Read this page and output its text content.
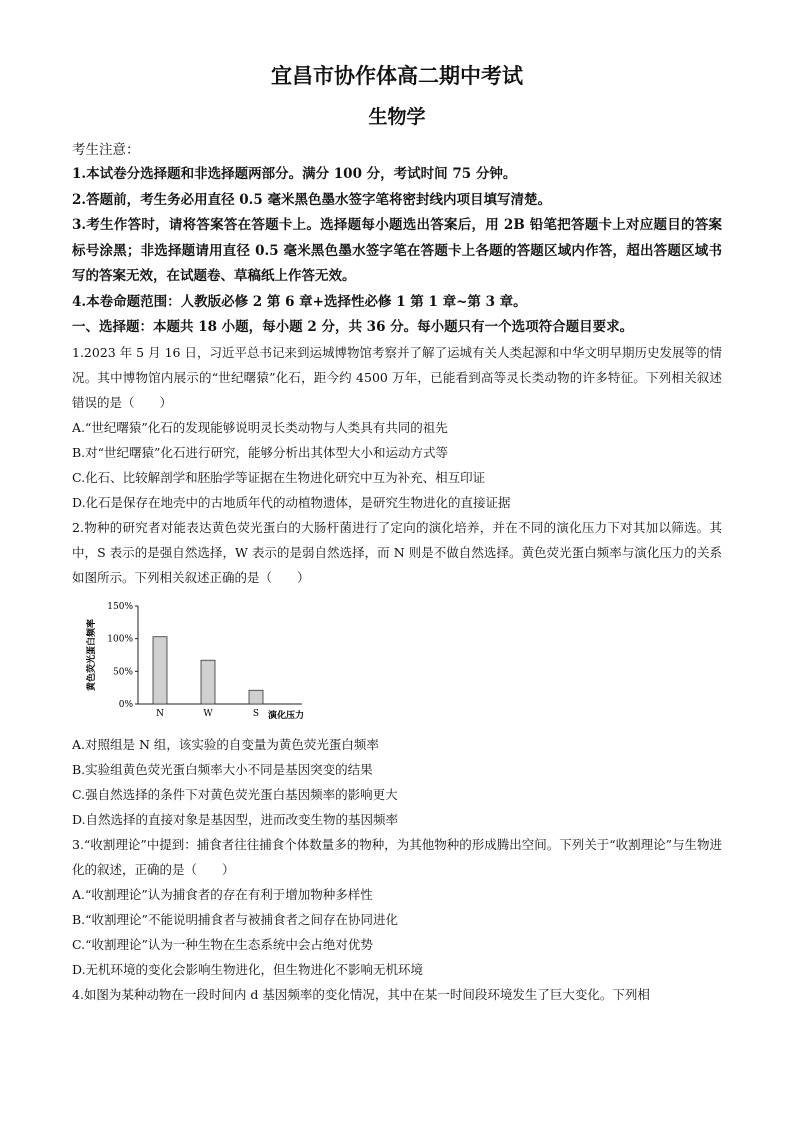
宜昌市协作体高二期中考试
生物学

考生注意：

1.本试卷分选择题和非选择题两部分。满分 100 分，考试时间 75 分钟。

2.答题前，考生务必用直径 0.5 毫米黑色墨水签字笔将密封线内项目填写清楚。

3.考生作答时，请将答案答在答题卡上。选择题每小题选出答案后，用 2B 铅笔把答题卡上对应题目的答案标号涂黑；非选择题请用直径 0.5 毫米黑色墨水签字笔在答题卡上各题的答题区域内作答，超出答题区域书写的答案无效，在试题卷、草稿纸上作答无效。

4.本卷命题范围：人教版必修 2 第 6 章+选择性必修 1 第 1 章~第 3 章。

一、选择题：本题共 18 小题，每小题 2 分，共 36 分。每小题只有一个选项符合题目要求。

1.2023 年 5 月 16 日，习近平总书记来到运城博物馆考察并了解了运城有关人类起源和中华文明早期历史发展等的情况。其中博物馆内展示的“世纪曙猿”化石，距今约 4500 万年，已能看到高等灵长类动物的许多特征。下列相关叙述错误的是（　　）

A.“世纪曙猿”化石的发现能够说明灵长类动物与人类具有共同的祖先

B.对“世纪曙猿”化石进行研究，能够分析出其体型大小和运动方式等

C.化石、比较解剖学和胚胎学等证据在生物进化研究中互为补充、相互印证

D.化石是保存在地壳中的古地质年代的动植物遗体，是研究生物进化的直接证据

2.物种的研究者对能表达黄色荧光蛋白的大肠杆菌进行了定向的演化培养，并在不同的演化压力下对其加以筛选。其中，S 表示的是强自然选择，W 表示的是弱自然选择，而 N 则是不做自然选择。黄色荧光蛋白频率与演化压力的关系如图所示。下列相关叙述正确的是（　　）

黄色荧光蛋白频率
0%
50%
100%
150%
N	W	S 演化压力

A.对照组是 N 组，该实验的自变量为黄色荧光蛋白频率

B.实验组黄色荧光蛋白频率大小不同是基因突变的结果

C.强自然选择的条件下对黄色荧光蛋白基因频率的影响更大

D.自然选择的直接对象是基因型，进而改变生物的基因频率

3.“收割理论”中提到：捕食者往往捕食个体数量多的物种，为其他物种的形成腾出空间。下列关于“收割理论”与生物进化的叙述，正确的是（　　）

A.“收割理论”认为捕食者的存在有利于增加物种多样性

B.“收割理论”不能说明捕食者与被捕食者之间存在协同进化

C.“收割理论”认为一种生物在生态系统中会占绝对优势

D.无机环境的变化会影响生物进化，但生物进化不影响无机环境

4.如图为某种动物在一段时间内 d 基因频率的变化情况，其中在某一时间段环境发生了巨大变化。下列相
